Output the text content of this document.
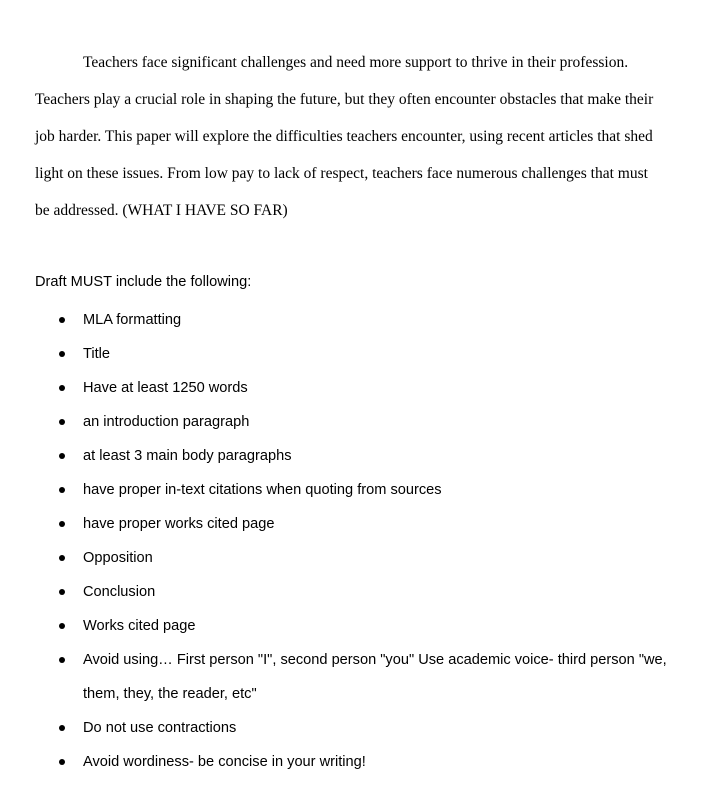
Teachers face significant challenges and need more support to thrive in their profession. Teachers play a crucial role in shaping the future, but they often encounter obstacles that make their job harder. This paper will explore the difficulties teachers encounter, using recent articles that shed light on these issues. From low pay to lack of respect, teachers face numerous challenges that must be addressed. (WHAT I HAVE SO FAR)

Draft MUST include the following:

MLA formatting
Title
Have at least 1250 words
an introduction paragraph
at least 3 main body paragraphs
have proper in-text citations when quoting from sources
have proper works cited page
Opposition
Conclusion
Works cited page
Avoid using… First person "I", second person "you" Use academic voice- third person "we, them, they, the reader, etc"
Do not use contractions
Avoid wordiness- be concise in your writing!
